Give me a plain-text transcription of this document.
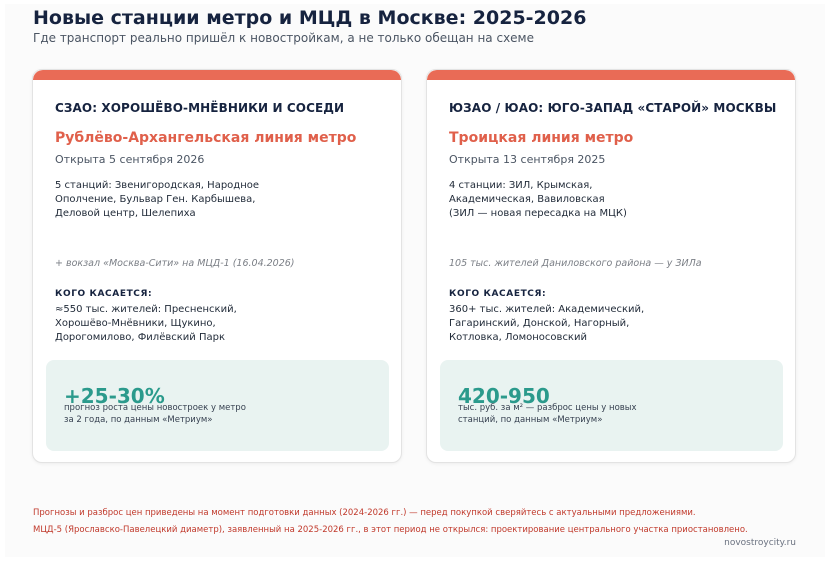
Новые станции метро и МЦД в Москве: 2025-2026
Где транспорт реально пришёл к новостройкам, а не только обещан на схеме
СЗАО: ХОРОШЁВО-МНЁВНИКИ И СОСЕДИ
Рублёво-Архангельская линия метро
Открыта 5 сентября 2026
5 станций: Звенигородская, Народное
Ополчение, Бульвар Ген. Карбышева,
Деловой центр, Шелепиха
+ вокзал «Москва-Сити» на МЦД-1 (16.04.2026)
КОГО КАСАЕТСЯ:
≈550 тыс. жителей: Пресненский,
Хорошёво-Мнёвники, Щукино,
Дорогомилово, Филёвский Парк
+25-30%
прогноз роста цены новостроек у метро
за 2 года, по данным «Метриум»
ЮЗАО / ЮАО: ЮГО-ЗАПАД «СТАРОЙ» МОСКВЫ
Троицкая линия метро
Открыта 13 сентября 2025
4 станции: ЗИЛ, Крымская,
Академическая, Вавиловская
(ЗИЛ — новая пересадка на МЦК)
105 тыс. жителей Даниловского района — у ЗИЛа
КОГО КАСАЕТСЯ:
360+ тыс. жителей: Академический,
Гагаринский, Донской, Нагорный,
Котловка, Ломоносовский
420-950
тыс. руб. за м² — разброс цены у новых
станций, по данным «Метриум»
Прогнозы и разброс цен приведены на момент подготовки данных (2024-2026 гг.) — перед покупкой сверяйтесь с актуальными предложениями.
МЦД-5 (Ярославско-Павелецкий диаметр), заявленный на 2025-2026 гг., в этот период не открылся: проектирование центрального участка приостановлено.
novostroycity.ru
